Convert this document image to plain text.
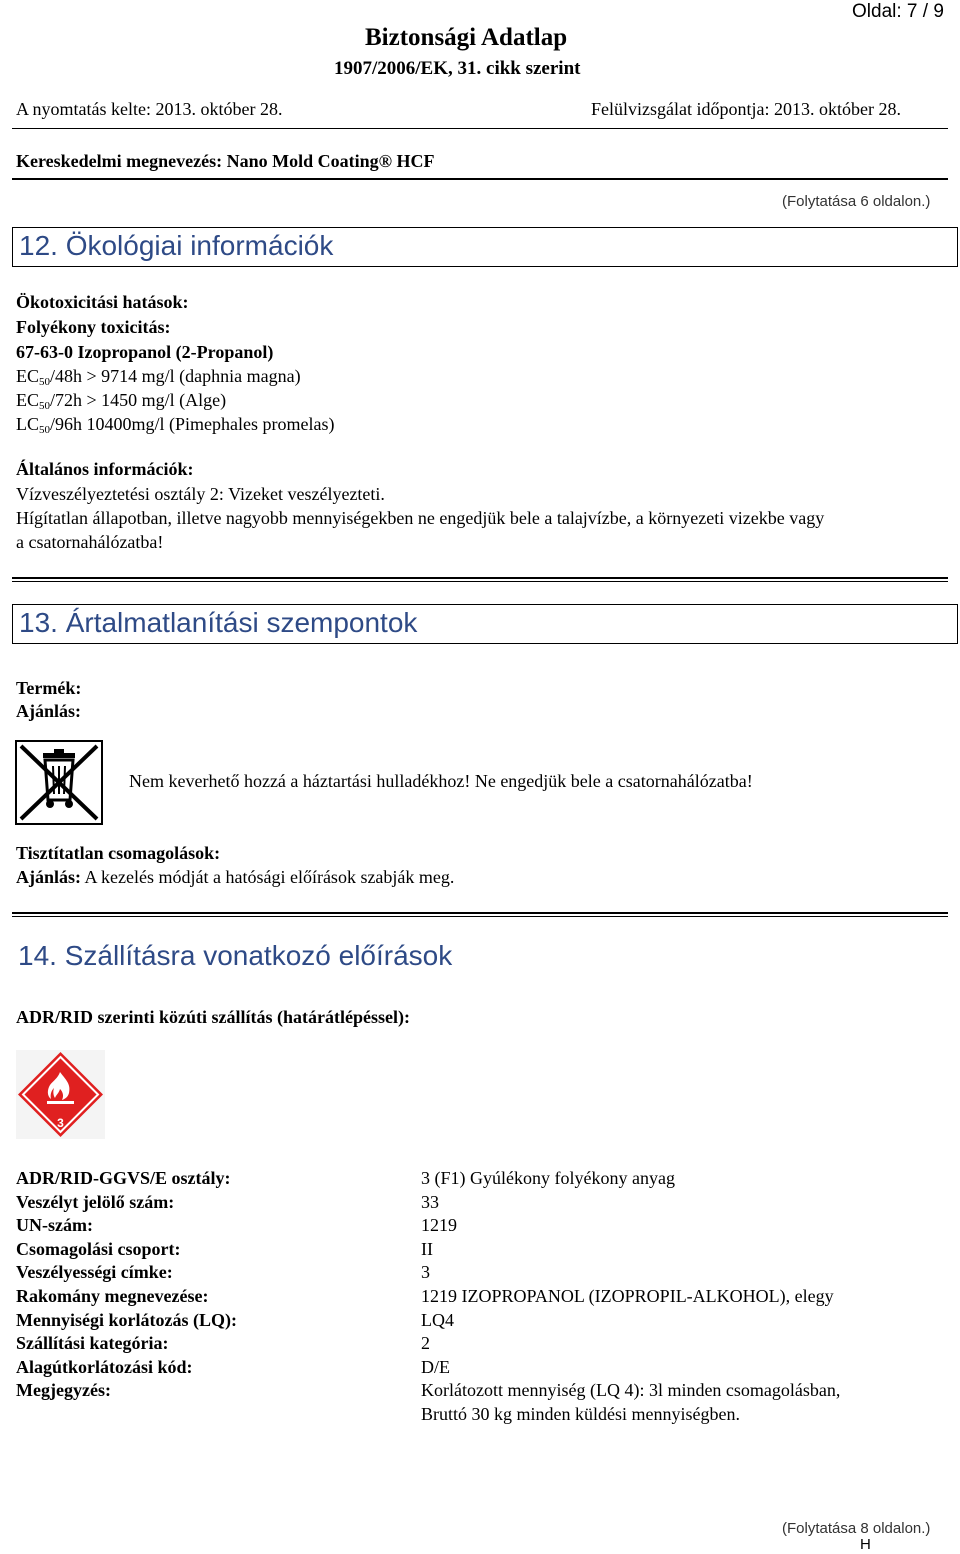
Oldal: 7 / 9
Biztonsági Adatlap
1907/2006/EK, 31. cikk szerint
A nyomtatás kelte: 2013. október 28.	Felülvizsgálat időpontja: 2013. október 28.
Kereskedelmi megnevezés: Nano Mold Coating® HCF
(Folytatása 6 oldalon.)
12. Ökológiai információk
Ökotoxicitási hatások:
Folyékony toxicitás:
67-63-0 Izopropanol (2-Propanol)
$EC_{50}/48h > 9714$ mg/l (daphnia magna)
$EC_{50}/72h > 1450$ mg/l (Alge)
$LC_{50}/96h$ 10400mg/l (Pimephales promelas)
Általános információk:
Vízveszélyeztetési osztály 2: Vizeket veszélyezteti.
Hígítatlan állapotban, illetve nagyobb mennyiségekben ne engedjük bele a talajvízbe, a környezeti vizekbe vagy
a csatornahálózatba!
13. Ártalmatlanítási szempontok
Termék:
Ajánlás:
Nem keverhető hozzá a háztartási hulladékhoz! Ne engedjük bele a csatornahálózatba!
Tisztítatlan csomagolások:
Ajánlás: A kezelés módját a hatósági előírások szabják meg.
14. Szállításra vonatkozó előírások
ADR/RID szerinti közúti szállítás (határátlépéssel):
3
ADR/RID-GGVS/E osztály:	3 (F1) Gyúlékony folyékony anyag
Veszélyt jelölő szám:	33
UN-szám:	1219
Csomagolási csoport:	II
Veszélyességi címke:	3
Rakomány megnevezése:	1219 IZOPROPANOL (IZOPROPIL-ALKOHOL), elegy
Mennyiségi korlátozás (LQ):	LQ4
Szállítási kategória:	2
Alagútkorlátozási kód:	D/E
Megjegyzés:	Korlátozott mennyiség (LQ 4): 3l minden csomagolásban,
Bruttó 30 kg minden küldési mennyiségben.
(Folytatása 8 oldalon.)
H
